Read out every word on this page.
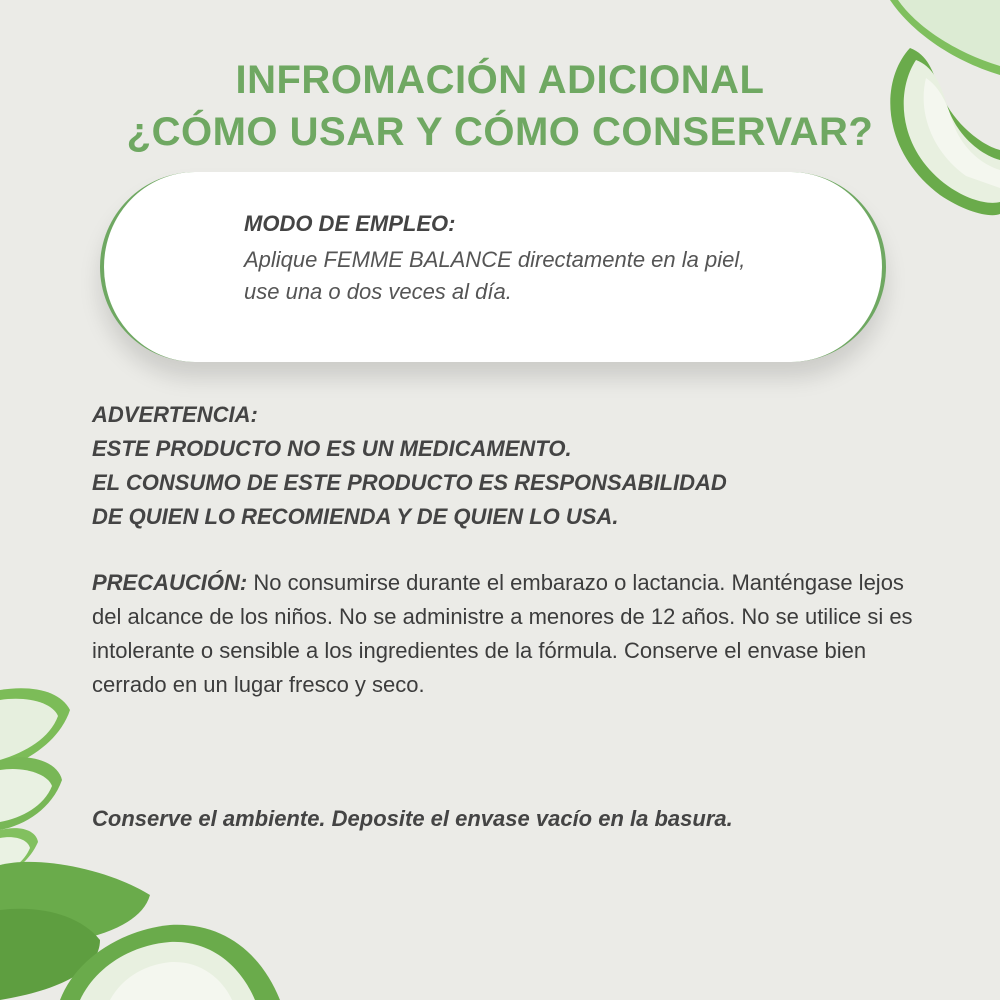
INFROMACIÓN ADICIONAL
¿CÓMO USAR Y CÓMO CONSERVAR?
MODO DE EMPLEO:
Aplique FEMME BALANCE directamente en la piel, use una o dos veces al día.
ADVERTENCIA:
ESTE PRODUCTO NO ES UN MEDICAMENTO.
EL CONSUMO DE ESTE PRODUCTO ES RESPONSABILIDAD
DE QUIEN LO RECOMIENDA Y DE QUIEN LO USA.
PRECAUCIÓN: No consumirse durante el embarazo o lactancia. Manténgase lejos del alcance de los niños. No se administre a menores de 12 años. No se utilice si es intolerante o sensible a los ingredientes de la fórmula. Conserve el envase bien cerrado en un lugar fresco y seco.
Conserve el ambiente. Deposite el envase vacío en la basura.
